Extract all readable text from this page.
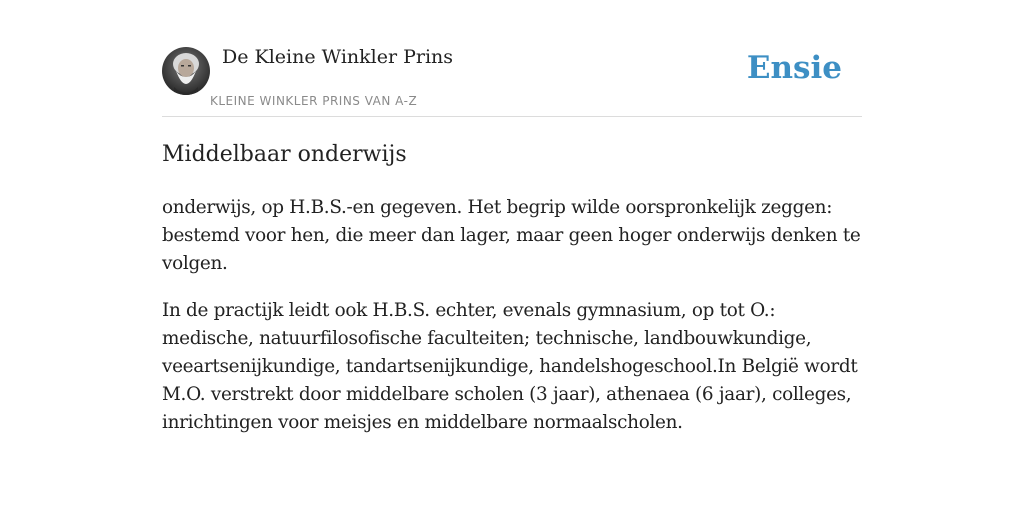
De Kleine Winkler Prins
KLEINE WINKLER PRINS VAN A-Z
Ensie
Middelbaar onderwijs

onderwijs, op H.B.S.-en gegeven. Het begrip wilde oorspronkelijk zeggen: bestemd voor hen, die meer dan lager, maar geen hoger onderwijs denken te volgen.

In de practijk leidt ook H.B.S. echter, evenals gymnasium, op tot O.: medische, natuurfilosofische faculteiten; technische, landbouwkundige, veeartsenijkundige, tandartsenijkundige, handelshogeschool.In België wordt M.O. verstrekt door middelbare scholen (3 jaar), athenaea (6 jaar), colleges, inrichtingen voor meisjes en middelbare normaalscholen.
